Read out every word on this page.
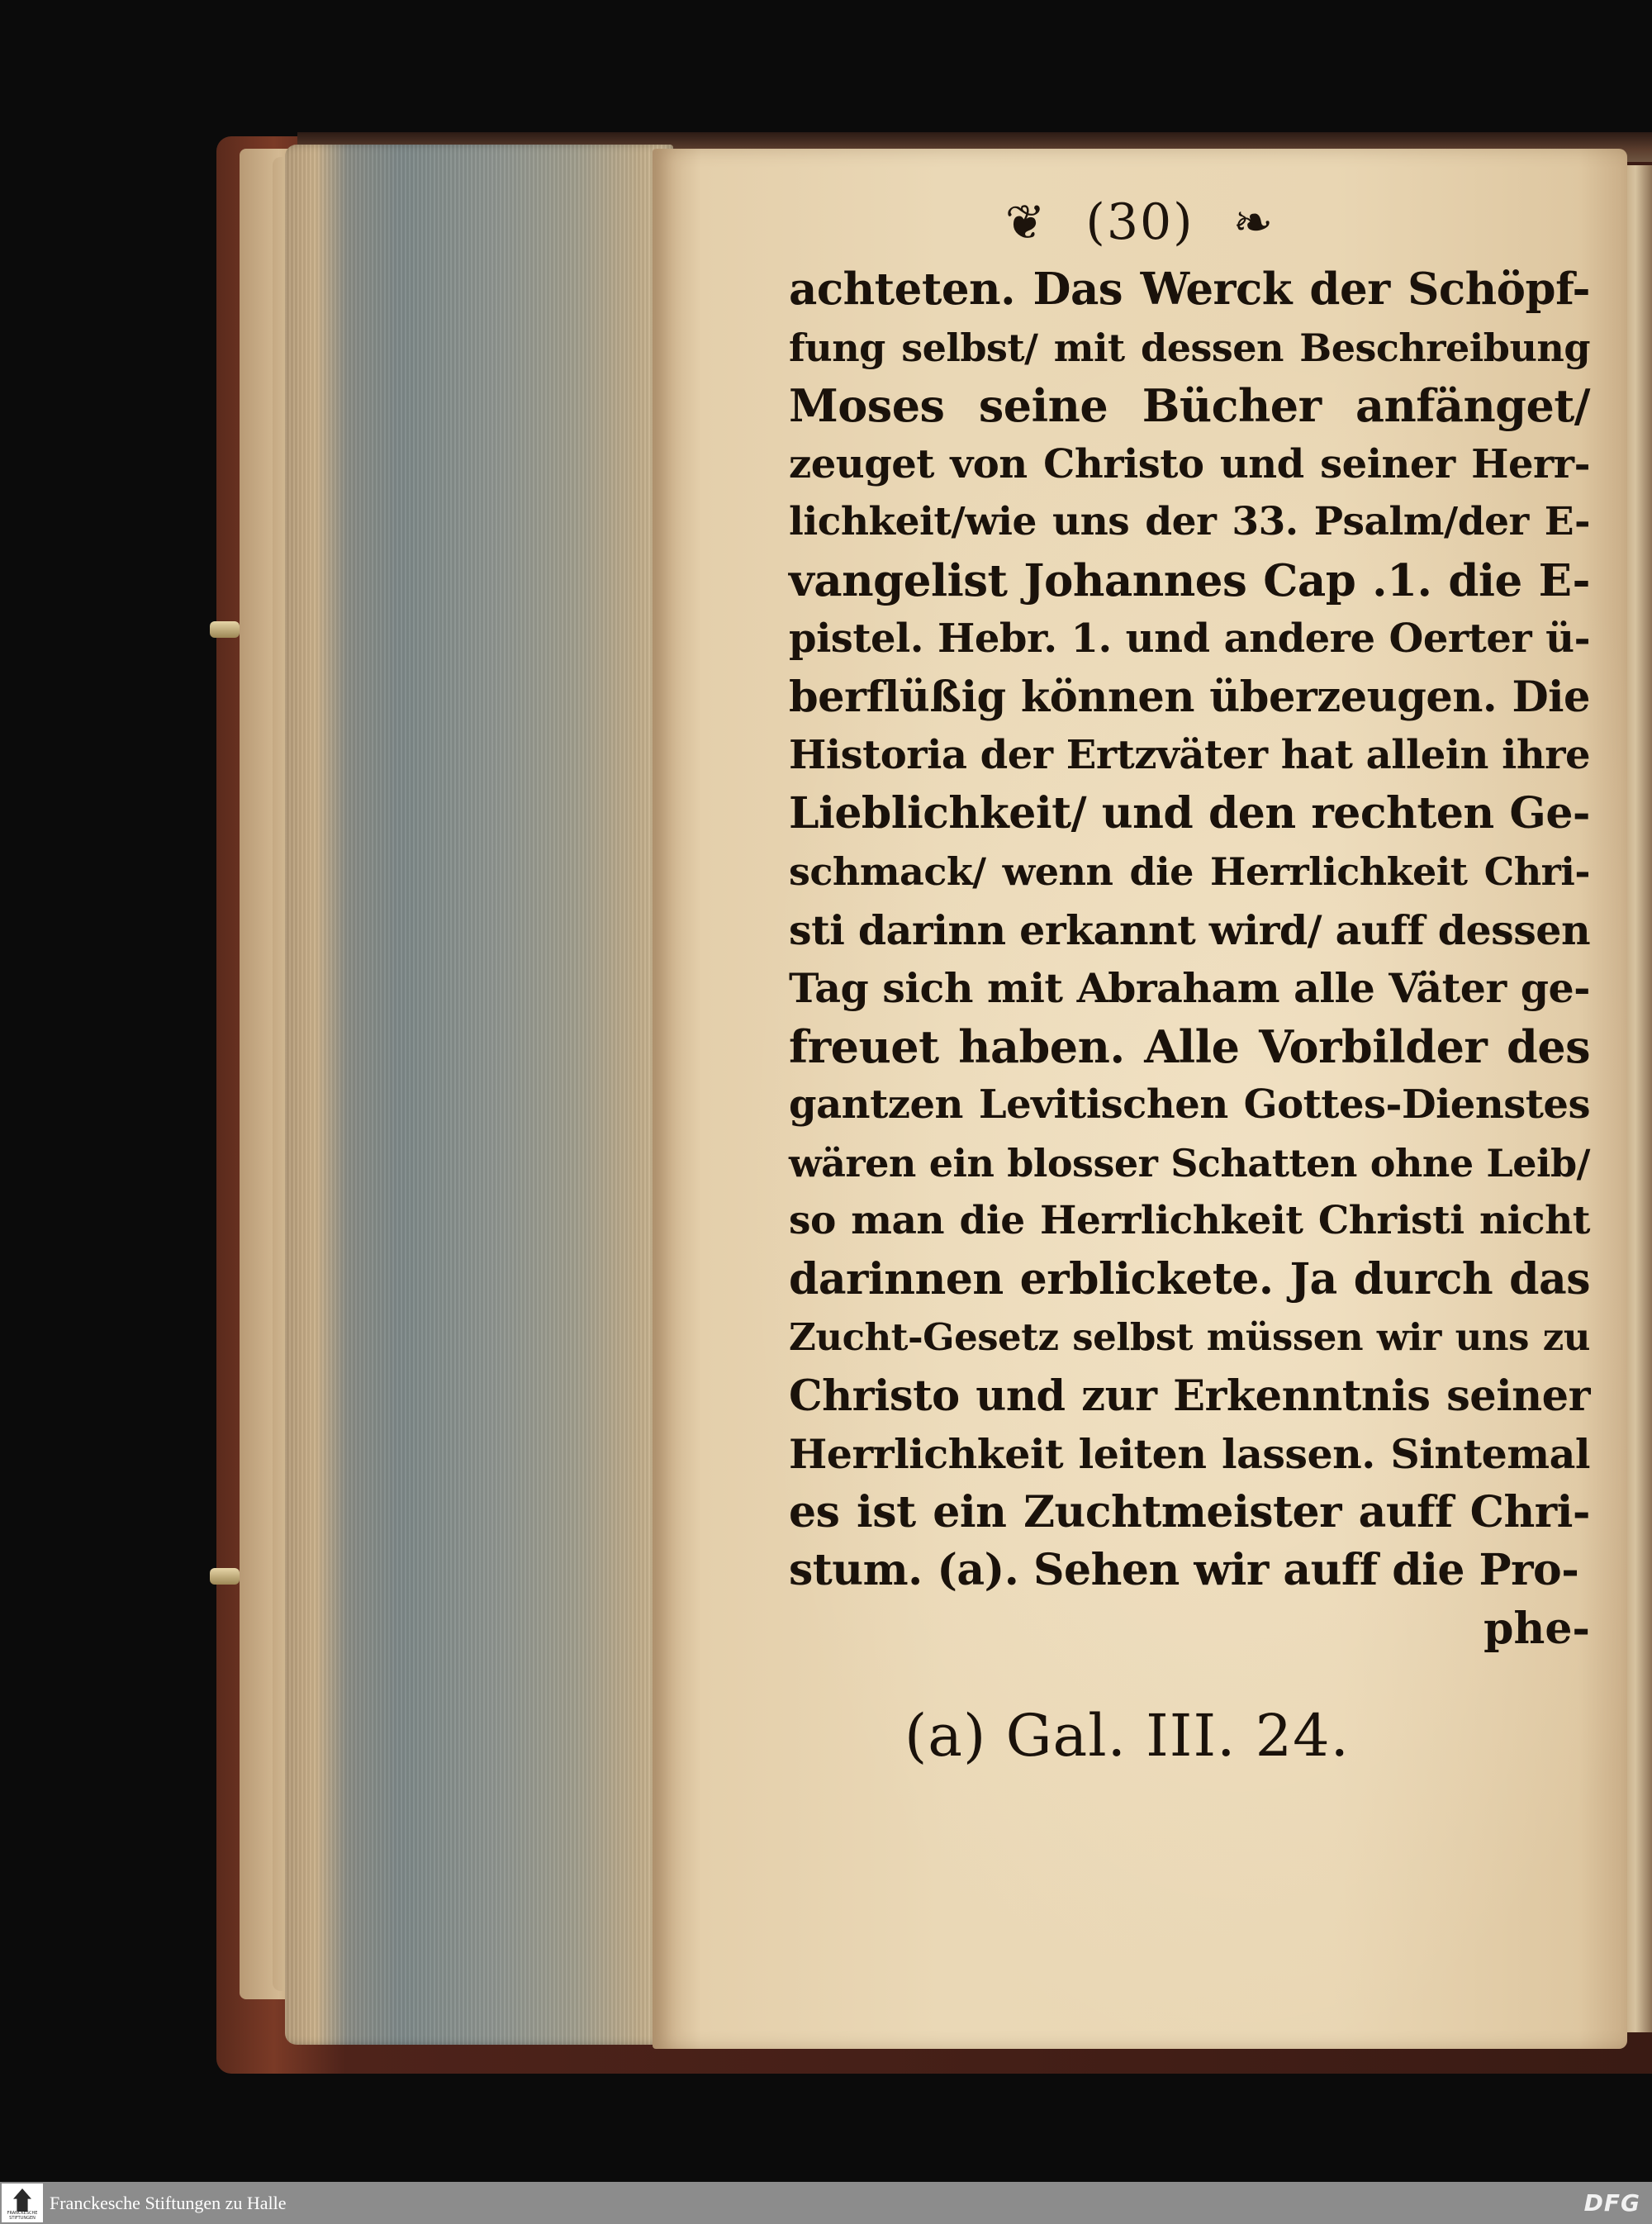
❦ (30) ❧
achteten. Das Werck der Schöpf-
fung selbst/ mit dessen Beschreibung
Moses seine Bücher anfänget/
zeuget von Christo und seiner Herr-
lichkeit/wie uns der 33. Psalm/der E-
vangelist Johannes Cap .1. die E-
pistel. Hebr. 1. und andere Oerter ü-
berflüßig können überzeugen. Die
Historia der Ertzväter hat allein ihre
Lieblichkeit/ und den rechten Ge-
schmack/ wenn die Herrlichkeit Chri-
sti darinn erkannt wird/ auff dessen
Tag sich mit Abraham alle Väter ge-
freuet haben. Alle Vorbilder des
gantzen Levitischen Gottes-Dienstes
wären ein blosser Schatten ohne Leib/
so man die Herrlichkeit Christi nicht
darinnen erblickete. Ja durch das
Zucht-Gesetz selbst müssen wir uns zu
Christo und zur Erkenntnis seiner
Herrlichkeit leiten lassen. Sintemal
es ist ein Zuchtmeister auff Chri-
stum. (a). Sehen wir auff die Pro-
phe-
(a) Gal. III. 24.
FRANCKESCHE STIFTUNGEN
Franckesche Stiftungen zu Halle	DFG
